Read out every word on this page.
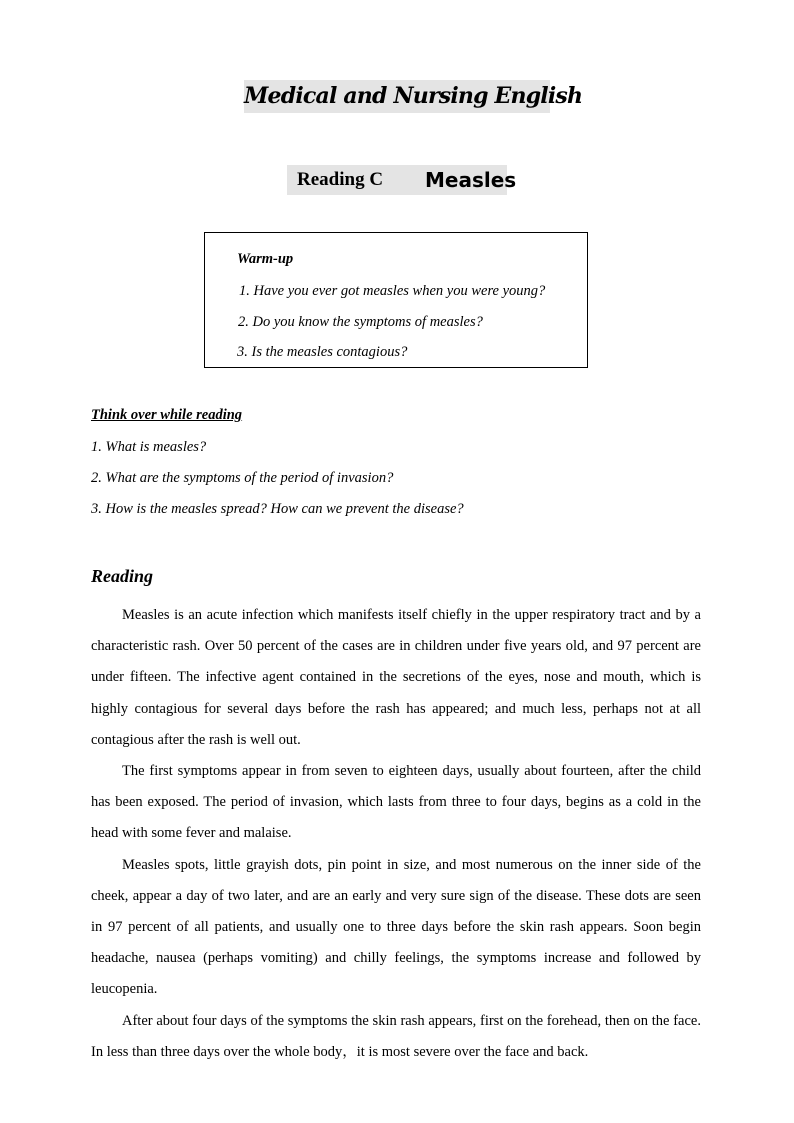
Medical and Nursing English
Reading C Measles
Warm-up
1. Have you ever got measles when you were young?
2. Do you know the symptoms of measles?
3. Is the measles contagious?
Think over while reading
1. What is measles?
2. What are the symptoms of the period of invasion?
3. How is the measles spread? How can we prevent the disease?
Reading

Measles is an acute infection which manifests itself chiefly in the upper respiratory tract and by a characteristic rash. Over 50 percent of the cases are in children under five years old, and 97 percent are under fifteen. The infective agent contained in the secretions of the eyes, nose and mouth, which is highly contagious for several days before the rash has appeared; and much less, perhaps not at all contagious after the rash is well out.

The first symptoms appear in from seven to eighteen days, usually about fourteen, after the child has been exposed. The period of invasion, which lasts from three to four days, begins as a cold in the head with some fever and malaise.

Measles spots, little grayish dots, pin point in size, and most numerous on the inner side of the cheek, appear a day of two later, and are an early and very sure sign of the disease. These dots are seen in 97 percent of all patients, and usually one to three days before the skin rash appears. Soon begin headache, nausea (perhaps vomiting) and chilly feelings, the symptoms increase and followed by leucopenia.

After about four days of the symptoms the skin rash appears, first on the forehead, then on the face. In less than three days over the whole body，it is most severe over the face and back.
